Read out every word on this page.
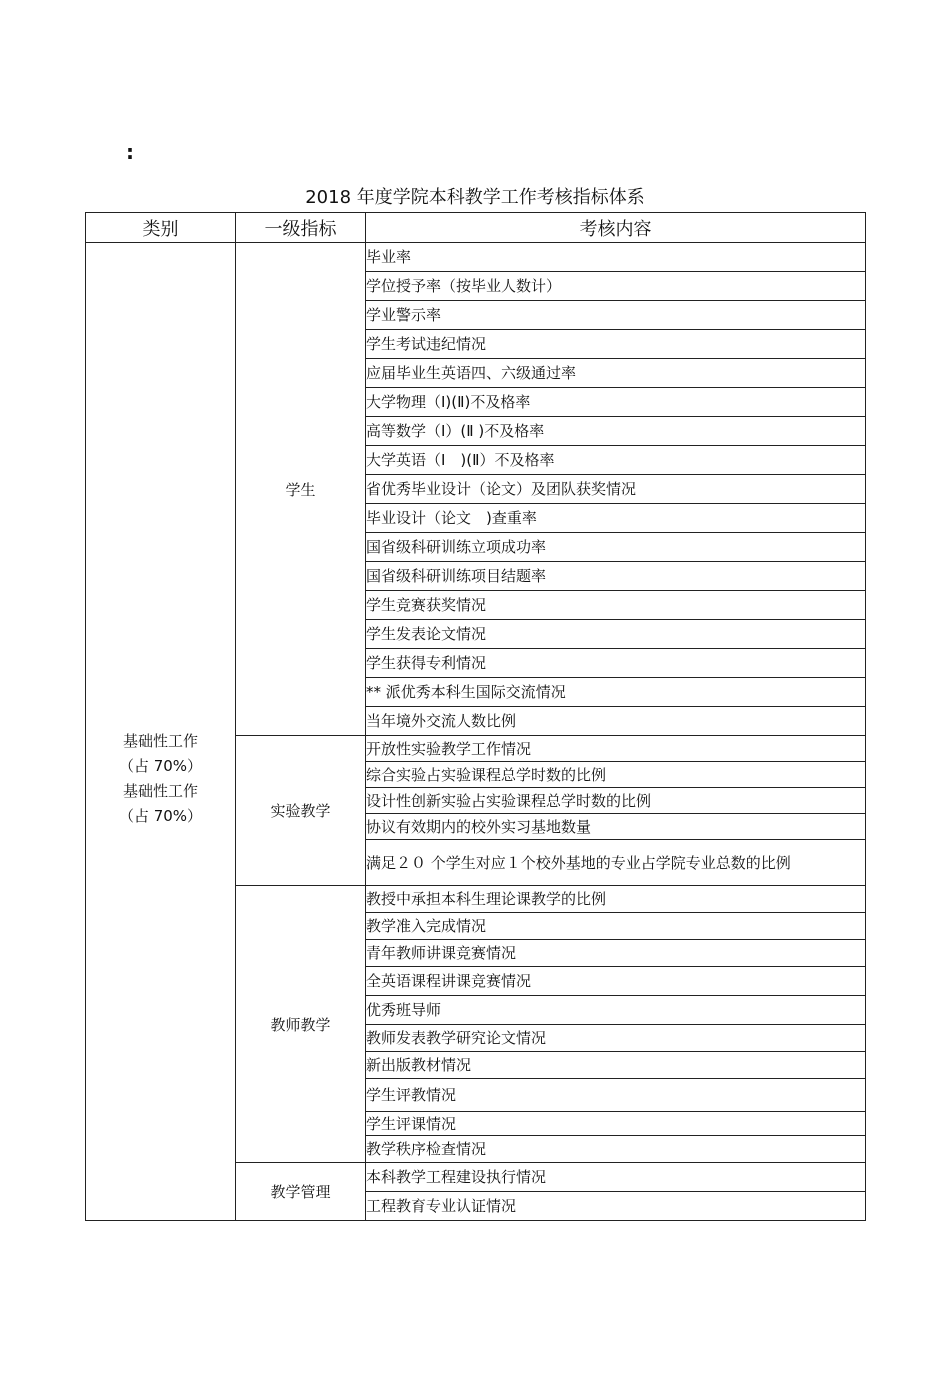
:
2018 年度学院本科教学工作考核指标体系
类别	一级指标	考核内容

基础性工作
（占 70%）
基础性工作
（占 70%）	学生	毕业率
		学位授予率（按毕业人数计）
		学业警示率
		学生考试违纪情况
		应届毕业生英语四、六级通过率
		大学物理（Ⅰ)(Ⅱ)不及格率
		高等数学（Ⅰ）(Ⅱ )不及格率
		大学英语（Ⅰ　)(Ⅱ）不及格率
		省优秀毕业设计（论文）及团队获奖情况
		毕业设计（论文　)查重率
		国省级科研训练立项成功率
		国省级科研训练项目结题率
		学生竞赛获奖情况
		学生发表论文情况
		学生获得专利情况
		** 派优秀本科生国际交流情况
		当年境外交流人数比例
	实验教学	开放性实验教学工作情况
		综合实验占实验课程总学时数的比例
		设计性创新实验占实验课程总学时数的比例
		协议有效期内的校外实习基地数量
		满足２０ 个学生对应１个校外基地的专业占学院专业总数的比例
	教师教学	教授中承担本科生理论课教学的比例
		教学准入完成情况
		青年教师讲课竞赛情况
		全英语课程讲课竞赛情况
		优秀班导师
		教师发表教学研究论文情况
		新出版教材情况
		学生评教情况
		学生评课情况
		教学秩序检查情况
	教学管理	本科教学工程建设执行情况
		工程教育专业认证情况
